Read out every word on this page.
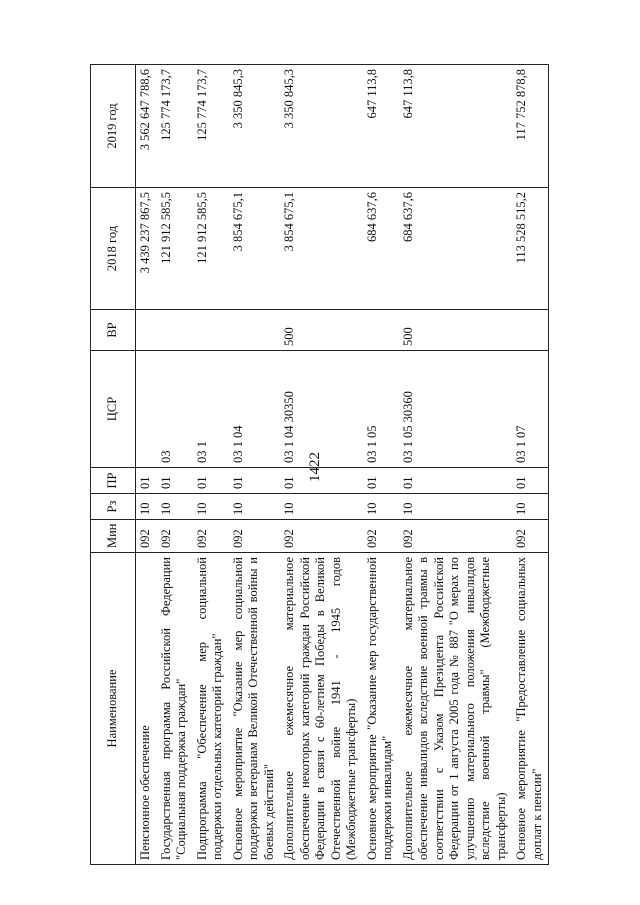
1422
Наименование	Мин	Рз	ПР	ЦСР	ВР	2018 год	2019 год
Пенсионное обеспечение	092	10	01			3 439 237 867,5	3 562 647 788,6
Государственная программа Российской Федерации "Социальная поддержка граждан"	092	10	01	03		121 912 585,5	125 774 173,7
Подпрограмма "Обеспечение мер социальной поддержки отдельных категорий граждан"	092	10	01	03 1		121 912 585,5	125 774 173,7
Основное мероприятие "Оказание мер социальной поддержки ветеранам Великой Отечественной войны и боевых действий"	092	10	01	03 1 04		3 854 675,1	3 350 845,3
Дополнительное ежемесячное материальное обеспечение некоторых категорий граждан Российской Федерации в связи с 60-летием Победы в Великой Отечественной войне 1941 - 1945 годов (Межбюджетные трансферты)	092	10	01	03 1 04 30350	500	3 854 675,1	3 350 845,3
Основное мероприятие "Оказание мер государственной поддержки инвалидам"	092	10	01	03 1 05		684 637,6	647 113,8
Дополнительное ежемесячное материальное обеспечение инвалидов вследствие военной травмы в соответствии с Указом Президента Российской Федерации от 1 августа 2005 года № 887 "О мерах по улучшению материального положения инвалидов вследствие военной травмы" (Межбюджетные трансферты)	092	10	01	03 1 05 30360	500	684 637,6	647 113,8
Основное мероприятие "Предоставление социальных доплат к пенсии"	092	10	01	03 1 07		113 528 515,2	117 752 878,8
